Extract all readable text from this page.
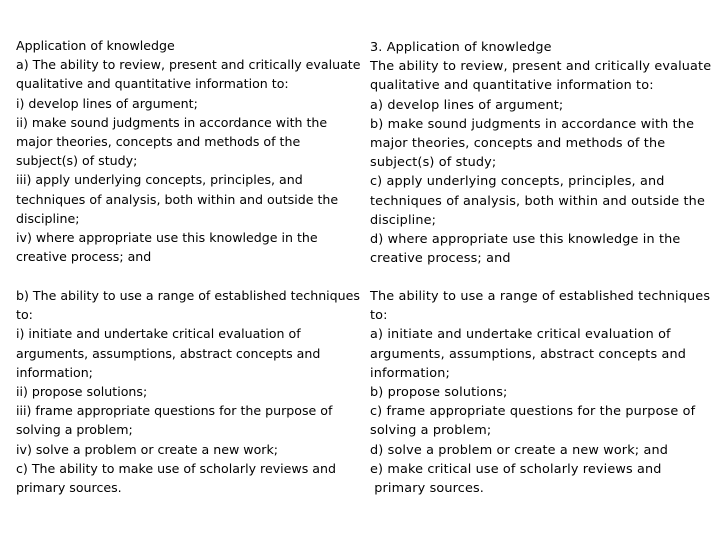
Application of knowledge
a) The ability to review, present and critically evaluate
qualitative and quantitative information to:
i) develop lines of argument;
ii) make sound judgments in accordance with the
major theories, concepts and methods of the
subject(s) of study;
iii) apply underlying concepts, principles, and
techniques of analysis, both within and outside the
discipline;
iv) where appropriate use this knowledge in the
creative process; and
b) The ability to use a range of established techniques
to:
i) initiate and undertake critical evaluation of
arguments, assumptions, abstract concepts and
information;
ii) propose solutions;
iii) frame appropriate questions for the purpose of
solving a problem;
iv) solve a problem or create a new work;
c) The ability to make use of scholarly reviews and
primary sources.
3. Application of knowledge
The ability to review, present and critically evaluate
qualitative and quantitative information to:
a) develop lines of argument;
b) make sound judgments in accordance with the
major theories, concepts and methods of the
subject(s) of study;
c) apply underlying concepts, principles, and
techniques of analysis, both within and outside the
discipline;
d) where appropriate use this knowledge in the
creative process; and
The ability to use a range of established techniques
to:
a) initiate and undertake critical evaluation of
arguments, assumptions, abstract concepts and
information;
b) propose solutions;
c) frame appropriate questions for the purpose of
solving a problem;
d) solve a problem or create a new work; and
e) make critical use of scholarly reviews and
primary sources.
